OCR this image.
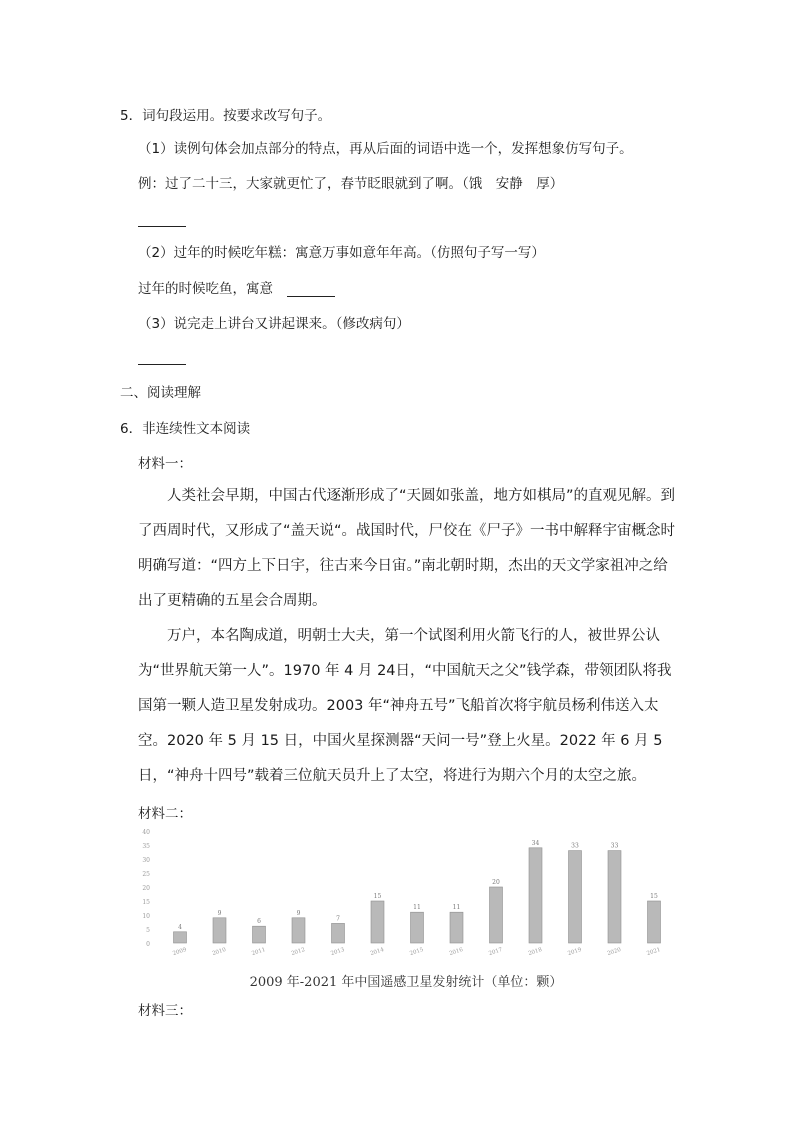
5．词句段运用。按要求改写句子。
（1）读例句体会加点部分的特点，再从后面的词语中选一个，发挥想象仿写句子。
例：过了二十三，大家就更忙了，春节眨眼就到了啊。（饿　安静　厚）
（2）过年的时候吃年糕：寓意万事如意年年高。（仿照句子写一写）
过年的时候吃鱼，寓意
（3）说完走上讲台又讲起课来。（修改病句）
二、阅读理解
6．非连续性文本阅读
材料一：
人类社会早期，中国古代逐渐形成了“天圆如张盖，地方如棋局”的直观见解。到了西周时代，又形成了“盖天说“。战国时代，尸佼在《尸子》一书中解释宇宙概念时明确写道：“四方上下日宇，往古来今日宙。”南北朝时期，杰出的天文学家祖冲之给出了更精确的五星会合周期。
万户，本名陶成道，明朝士大夫，第一个试图利用火箭飞行的人，被世界公认为“世界航天第一人”。1970 年 4 月 24日，“中国航天之父”钱学森，带领团队将我国第一颗人造卫星发射成功。2003 年“神舟五号”飞船首次将宇航员杨利伟送入太空。2020 年 5 月 15 日，中国火星探测器“天问一号”登上火星。2022 年 6 月 5 日，“神舟十四号”载着三位航天员升上了太空，将进行为期六个月的太空之旅。
材料二：
0
5
10
15
20
25
30
35
40
4
2009
9
2010
6
2011
9
2012
7
2013
15
2014
11
2015
11
2016
20
2017
34
2018
33
2019
33
2020
15
2021
2009 年-2021 年中国遥感卫星发射统计（单位：颗）
材料三：
